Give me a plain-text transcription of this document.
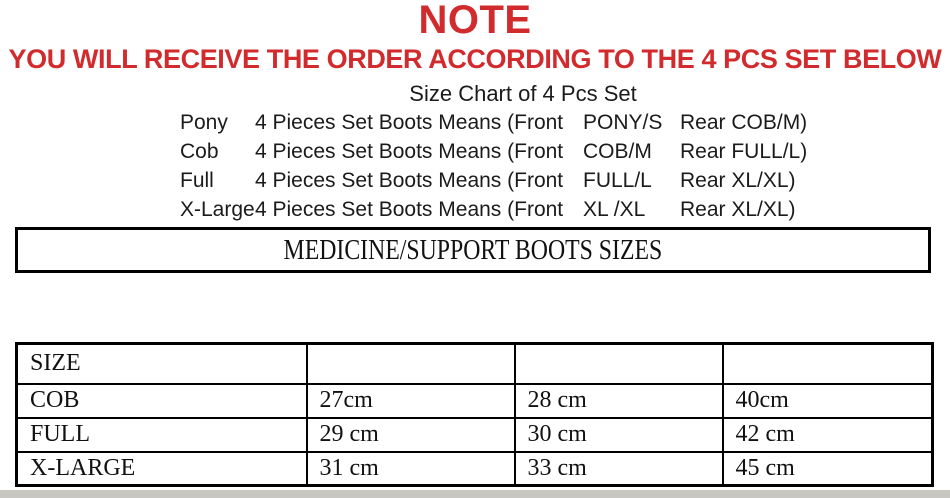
NOTE
YOU WILL RECEIVE THE ORDER ACCORDING TO THE 4 PCS SET BELOW
Size Chart of 4 Pcs Set
Pony	4 Pieces Set Boots Means (Front PONY/S Rear COB/M)
Cob	4 Pieces Set Boots Means (Front COB/M	Rear FULL/L)
Full	4 Pieces Set Boots Means (Front FULL/L	Rear XL/XL)
X-Large 4 Pieces Set Boots Means (Front XL /XL	Rear XL/XL)
MEDICINE/SUPPORT BOOTS SIZES
SIZE			
COB	27cm	28 cm	40cm
FULL	29 cm	30 cm	42 cm
X-LARGE	31 cm	33 cm	45 cm
